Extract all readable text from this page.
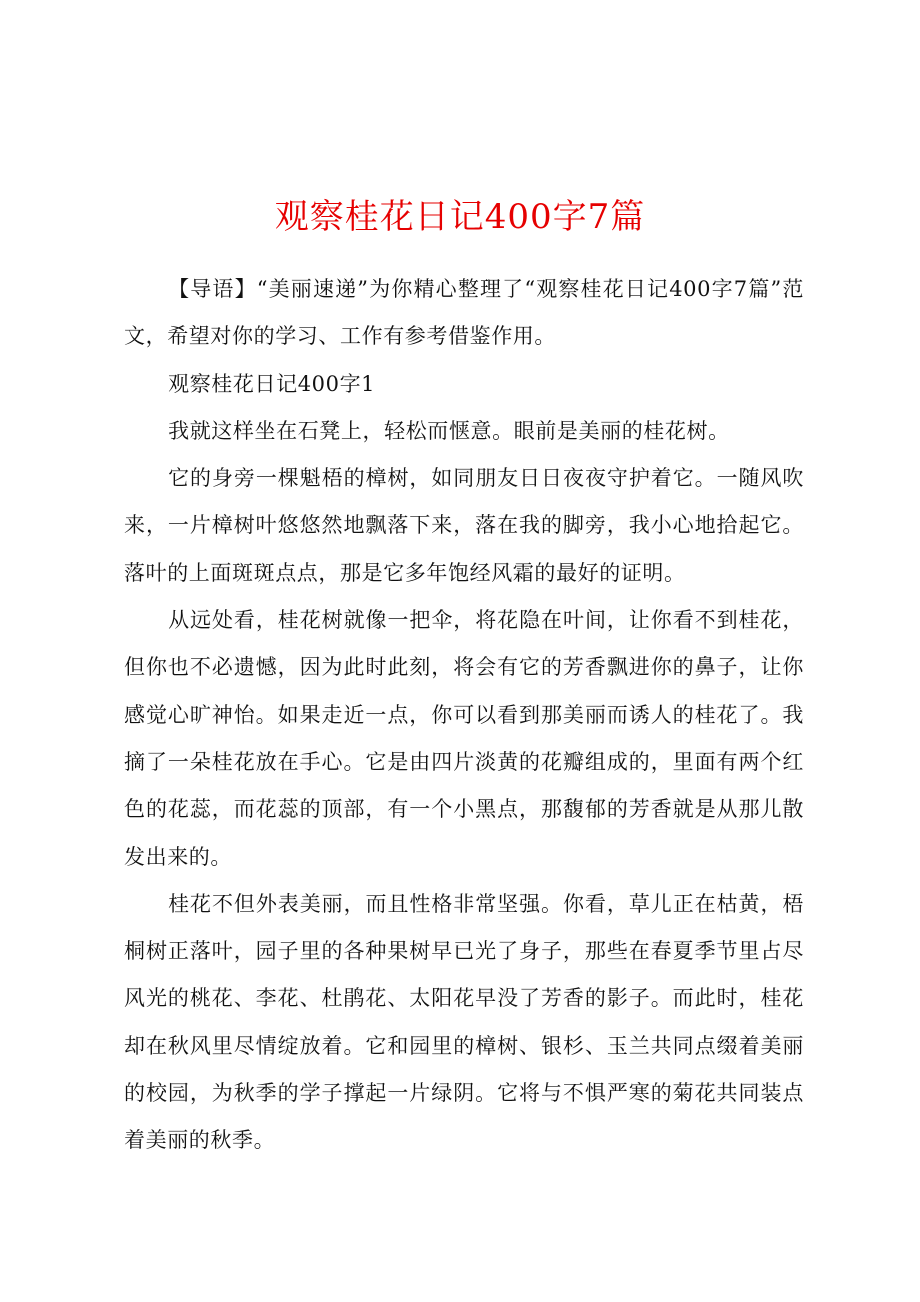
观察桂花日记400字7篇

【导语】“美丽速递”为你精心整理了“观察桂花日记400字7篇”范文，希望对你的学习、工作有参考借鉴作用。

观察桂花日记400字1

我就这样坐在石凳上，轻松而惬意。眼前是美丽的桂花树。

它的身旁一棵魁梧的樟树，如同朋友日日夜夜守护着它。一随风吹来，一片樟树叶悠悠然地飘落下来，落在我的脚旁，我小心地拾起它。落叶的上面斑斑点点，那是它多年饱经风霜的最好的证明。

从远处看，桂花树就像一把伞，将花隐在叶间，让你看不到桂花，但你也不必遗憾，因为此时此刻，将会有它的芳香飘进你的鼻子，让你感觉心旷神怡。如果走近一点，你可以看到那美丽而诱人的桂花了。我摘了一朵桂花放在手心。它是由四片淡黄的花瓣组成的，里面有两个红色的花蕊，而花蕊的顶部，有一个小黑点，那馥郁的芳香就是从那儿散发出来的。

桂花不但外表美丽，而且性格非常坚强。你看，草儿正在枯黄，梧桐树正落叶，园子里的各种果树早已光了身子，那些在春夏季节里占尽风光的桃花、李花、杜鹃花、太阳花早没了芳香的影子。而此时，桂花却在秋风里尽情绽放着。它和园里的樟树、银杉、玉兰共同点缀着美丽的校园，为秋季的学子撑起一片绿阴。它将与不惧严寒的菊花共同装点着美丽的秋季。
